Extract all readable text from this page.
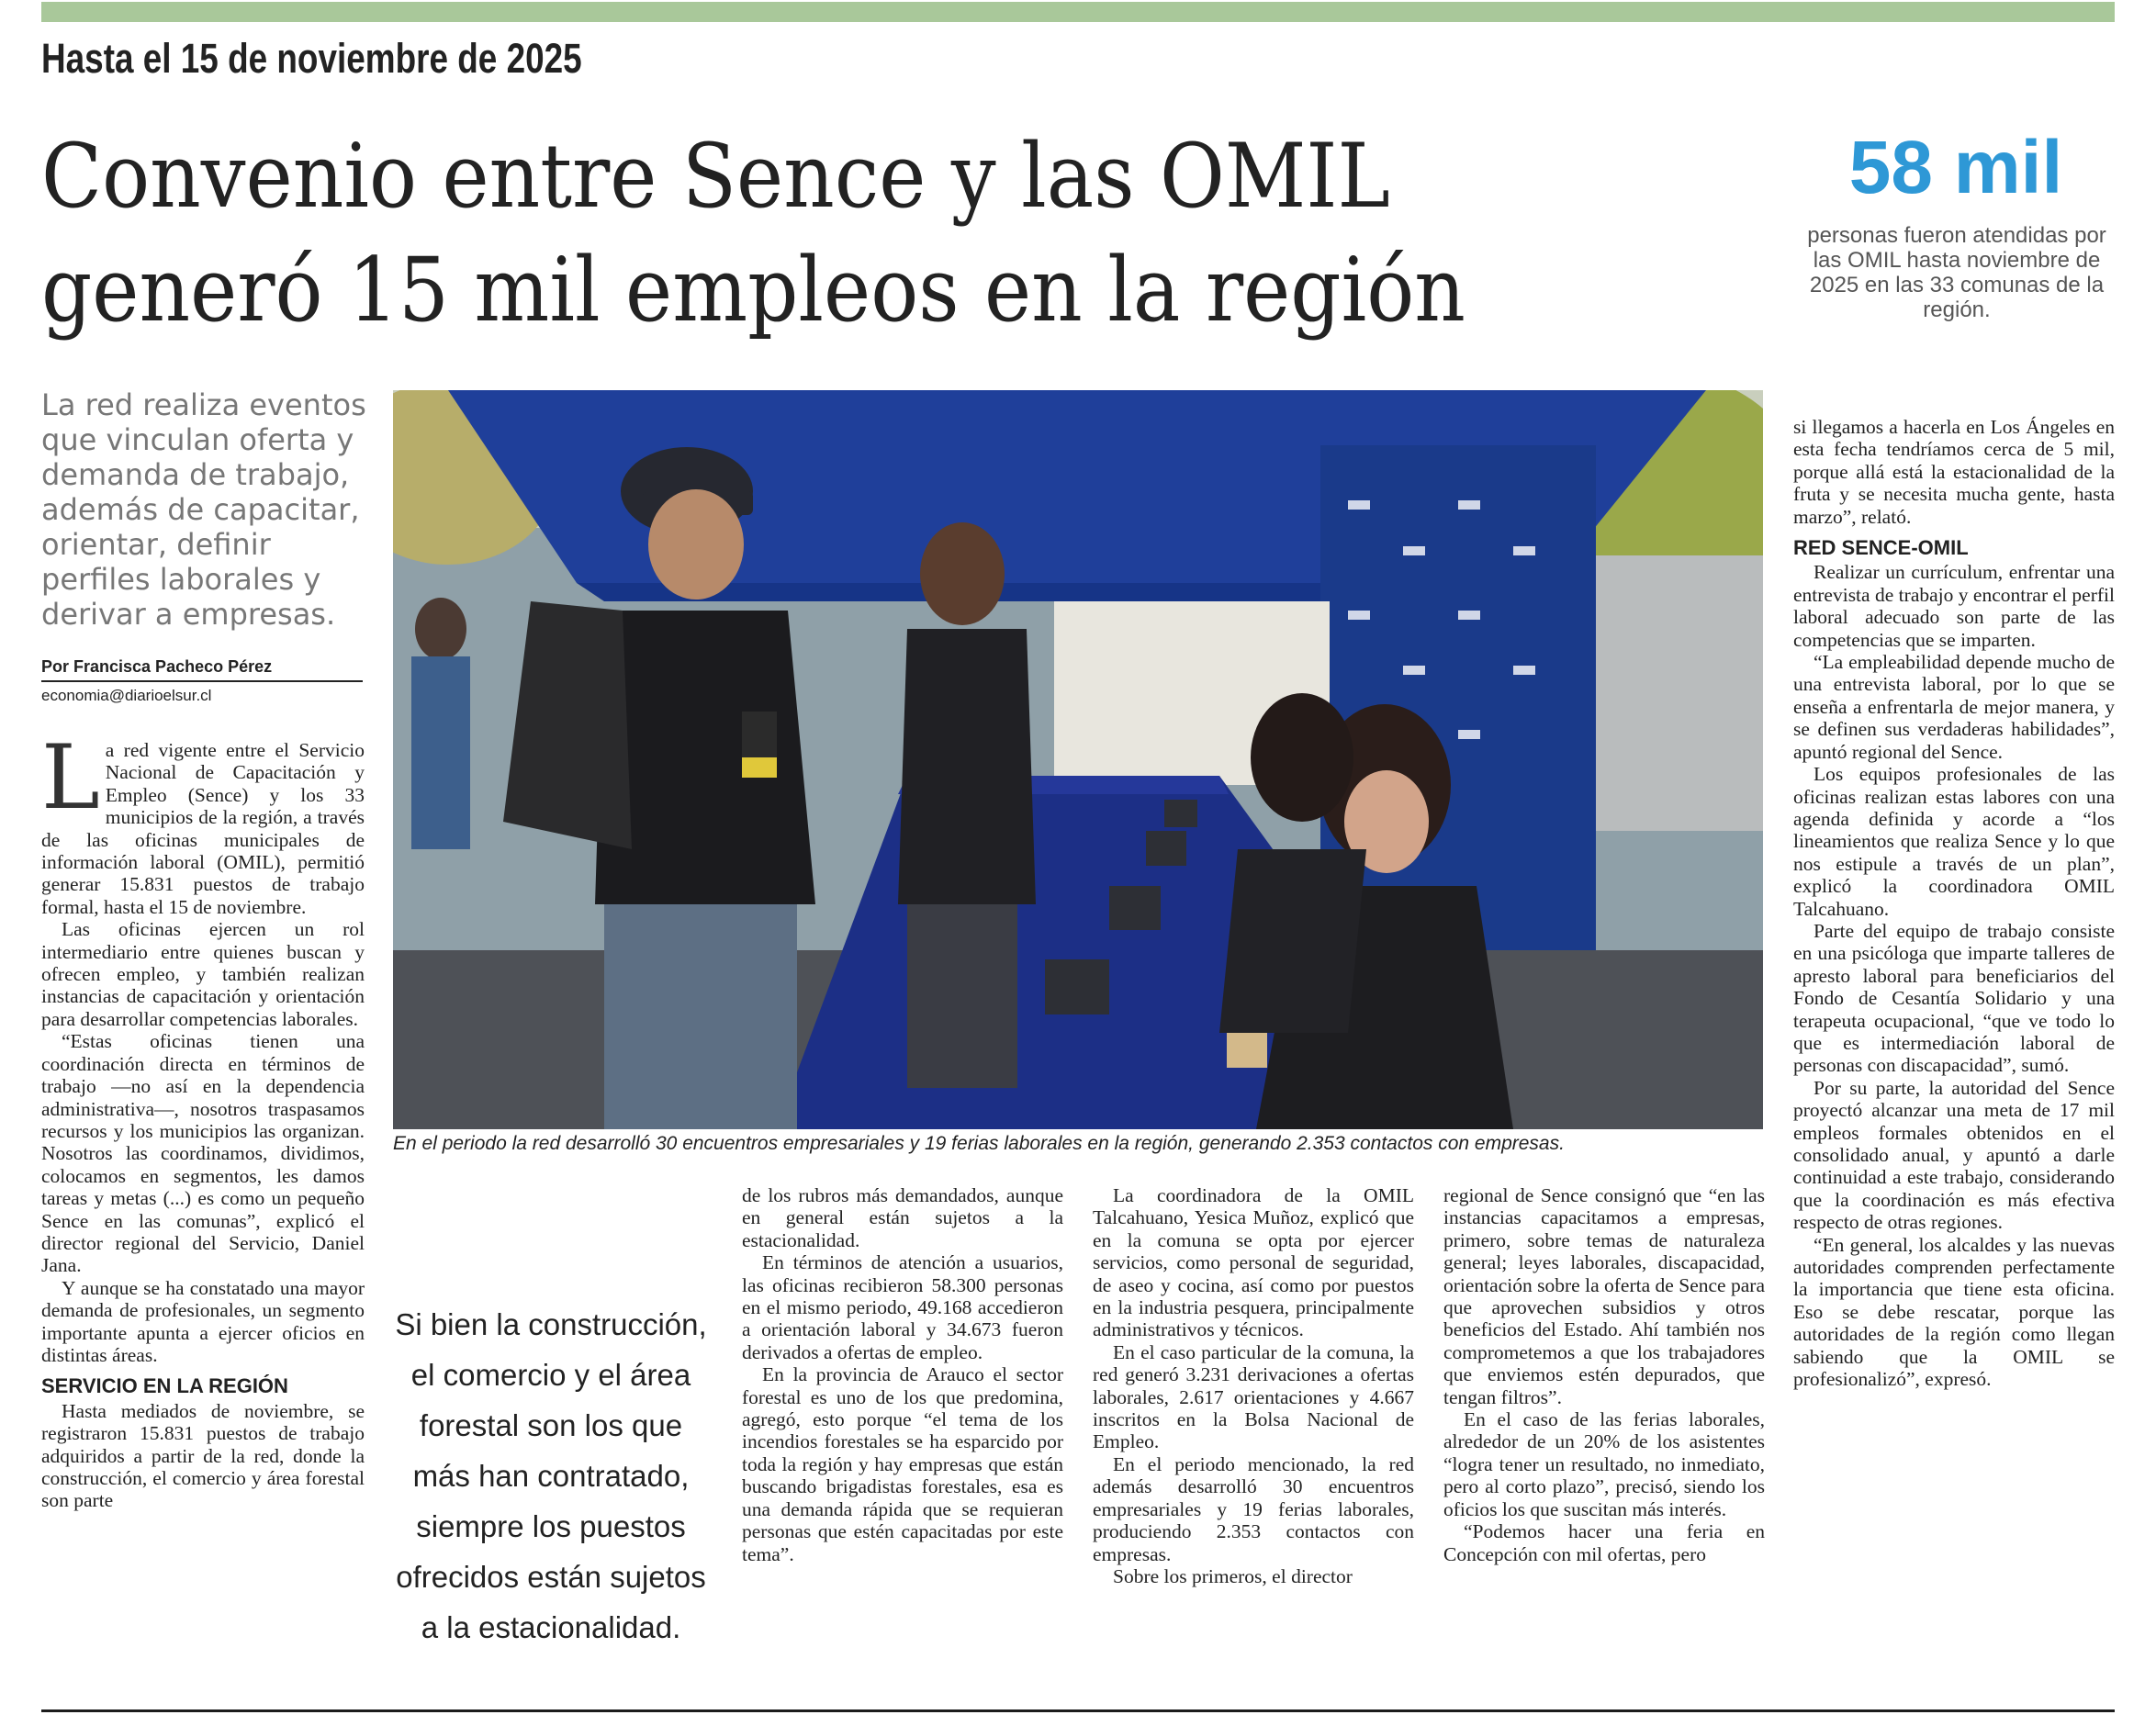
Hasta el 15 de noviembre de 2025
Convenio entre Sence y las OMIL
generó 15 mil empleos en la región
58 mil
personas fueron atendidas por las OMIL hasta noviembre de 2025 en las 33 comunas de la región.
La red realiza eventos que vinculan oferta y demanda de trabajo, además de capacitar, orientar, definir perfiles laborales y derivar a empresas.
Por Francisca Pacheco Pérez
economia@diarioelsur.cl

La red vigente entre el Servicio Nacional de Capacitación y Empleo (Sence) y los 33 municipios de la región, a través de las oficinas municipales de información laboral (OMIL), permitió generar 15.831 puestos de trabajo formal, hasta el 15 de noviembre.

Las oficinas ejercen un rol intermediario entre quienes buscan y ofrecen empleo, y también realizan instancias de capacitación y orientación para desarrollar competencias laborales.

“Estas oficinas tienen una coordinación directa en términos de trabajo —no así en la dependencia administrativa—, nosotros traspasamos recursos y los municipios las organizan. Nosotros las coordinamos, dividimos, colocamos en segmentos, les damos tareas y metas (...) es como un pequeño Sence en las comunas”, explicó el director regional del Servicio, Daniel Jana.

Y aunque se ha constatado una mayor demanda de profesionales, un segmento importante apunta a ejercer oficios en distintas áreas.

SERVICIO EN LA REGIÓN

Hasta mediados de noviembre, se registraron 15.831 puestos de trabajo adquiridos a partir de la red, donde la construcción, el comercio y área forestal son parte

En el periodo la red desarrolló 30 encuentros empresariales y 19 ferias laborales en la región, generando 2.353 contactos con empresas.
Si bien la construcción, el comercio y el área forestal son los que más han contratado, siempre los puestos ofrecidos están sujetos a la estacionalidad.

de los rubros más demandados, aunque en general están sujetos a la estacionalidad.

En términos de atención a usuarios, las oficinas recibieron 58.300 personas en el mismo periodo, 49.168 accedieron a orientación laboral y 34.673 fueron derivados a ofertas de empleo.

En la provincia de Arauco el sector forestal es uno de los que predomina, agregó, esto porque “el tema de los incendios forestales se ha esparcido por toda la región y hay empresas que están buscando brigadistas forestales, esa es una demanda rápida que se requieran personas que estén capacitadas por este tema”.

La coordinadora de la OMIL Talcahuano, Yesica Muñoz, explicó que en la comuna se opta por ejercer servicios, como personal de seguridad, de aseo y cocina, así como por puestos en la industria pesquera, principalmente administrativos y técnicos.

En el caso particular de la comuna, la red generó 3.231 derivaciones a ofertas laborales, 2.617 orientaciones y 4.667 inscritos en la Bolsa Nacional de Empleo.

En el periodo mencionado, la red además desarrolló 30 encuentros empresariales y 19 ferias laborales, produciendo 2.353 contactos con empresas.

Sobre los primeros, el director

regional de Sence consignó que “en las instancias capacitamos a empresas, primero, sobre temas de naturaleza general; leyes laborales, discapacidad, orientación sobre la oferta de Sence para que aprovechen subsidios y otros beneficios del Estado. Ahí también nos comprometemos a que los trabajadores que enviemos estén depurados, que tengan filtros”.

En el caso de las ferias laborales, alrededor de un 20% de los asistentes “logra tener un resultado, no inmediato, pero al corto plazo”, precisó, siendo los oficios los que suscitan más interés.

“Podemos hacer una feria en Concepción con mil ofertas, pero

si llegamos a hacerla en Los Ángeles en esta fecha tendríamos cerca de 5 mil, porque allá está la estacionalidad de la fruta y se necesita mucha gente, hasta marzo”, relató.

RED SENCE-OMIL

Realizar un currículum, enfrentar una entrevista de trabajo y encontrar el perfil laboral adecuado son parte de las competencias que se imparten.

“La empleabilidad depende mucho de una entrevista laboral, por lo que se enseña a enfrentarla de mejor manera, y se definen sus verdaderas habilidades”, apuntó regional del Sence.

Los equipos profesionales de las oficinas realizan estas labores con una agenda definida y acorde a “los lineamientos que realiza Sence y lo que nos estipule a través de un plan”, explicó la coordinadora OMIL Talcahuano.

Parte del equipo de trabajo consiste en una psicóloga que imparte talleres de apresto laboral para beneficiarios del Fondo de Cesantía Solidario y una terapeuta ocupacional, “que ve todo lo que es intermediación laboral de personas con discapacidad”, sumó.

Por su parte, la autoridad del Sence proyectó alcanzar una meta de 17 mil empleos formales obtenidos en el consolidado anual, y apuntó a darle continuidad a este trabajo, considerando que la coordinación es más efectiva respecto de otras regiones.

“En general, los alcaldes y las nuevas autoridades comprenden perfectamente la importancia que tiene esta oficina. Eso se debe rescatar, porque las autoridades de la región como llegan sabiendo que la OMIL se profesionalizó”, expresó.
